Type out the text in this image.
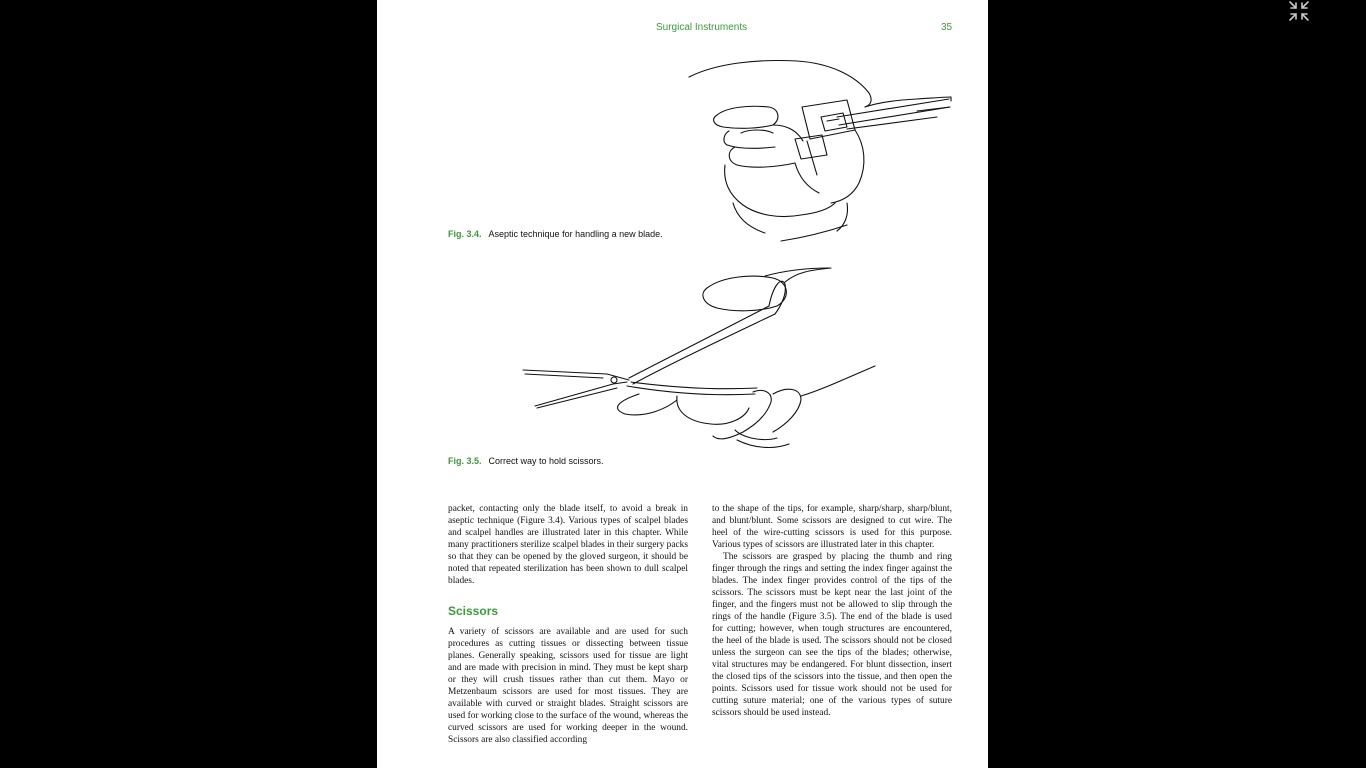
Surgical Instruments	35
Fig. 3.4. Aseptic technique for handling a new blade.
Fig. 3.5. Correct way to hold scissors.

packet, contacting only the blade itself, to avoid a break in aseptic technique (Figure 3.4). Various types of scalpel blades and scalpel handles are illustrated later in this chapter. While many practitioners sterilize scalpel blades in their surgery packs so that they can be opened by the gloved surgeon, it should be noted that repeated sterilization has been shown to dull scalpel blades.

Scissors

A variety of scissors are available and are used for such procedures as cutting tissues or dissecting between tissue planes. Generally speaking, scissors used for tissue are light and are made with precision in mind. They must be kept sharp or they will crush tissues rather than cut them. Mayo or Metzenbaum scissors are used for most tissues. They are available with curved or straight blades. Straight scissors are used for working close to the surface of the wound, whereas the curved scissors are used for working deeper in the wound. Scissors are also classified according

to the shape of the tips, for example, sharp/sharp, sharp/blunt, and blunt/blunt. Some scissors are designed to cut wire. The heel of the wire-cutting scissors is used for this purpose. Various types of scissors are illustrated later in this chapter.

The scissors are grasped by placing the thumb and ring finger through the rings and setting the index finger against the blades. The index finger provides control of the tips of the scissors. The scissors must be kept near the last joint of the finger, and the fingers must not be allowed to slip through the rings of the handle (Figure 3.5). The end of the blade is used for cutting; however, when tough structures are encountered, the heel of the blade is used. The scissors should not be closed unless the surgeon can see the tips of the blades; otherwise, vital structures may be endangered. For blunt dissection, insert the closed tips of the scissors into the tissue, and then open the points. Scissors used for tissue work should not be used for cutting suture material; one of the various types of suture scissors should be used instead.
